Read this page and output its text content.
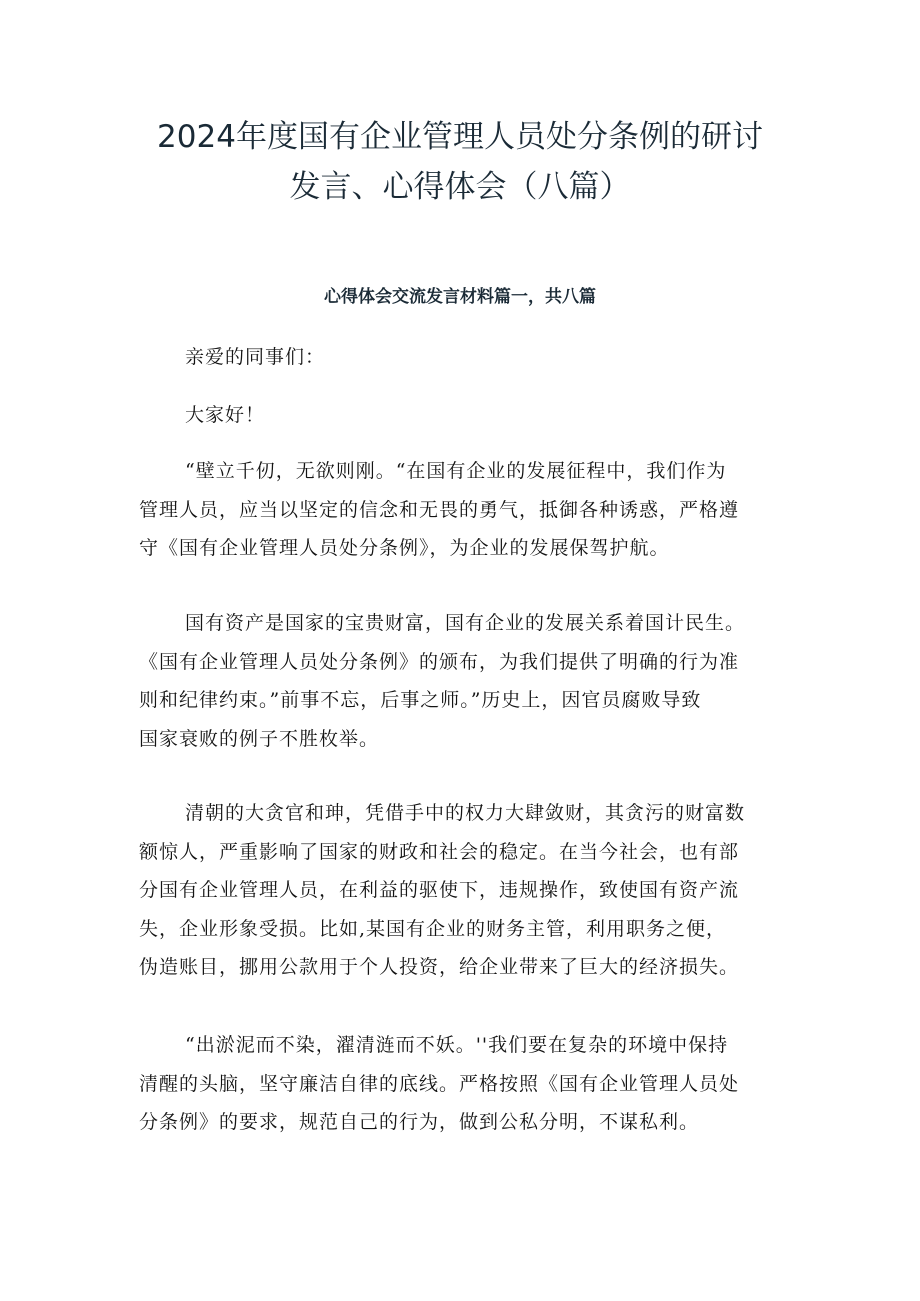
2024年度国有企业管理人员处分条例的研讨
发言、心得体会（八篇）
心得体会交流发言材料篇一，共八篇

亲爱的同事们：

大家好！

“壁立千仞，无欲则刚。“在国有企业的发展征程中，我们作为
管理人员，应当以坚定的信念和无畏的勇气，抵御各种诱惑，严格遵
守《国有企业管理人员处分条例》，为企业的发展保驾护航。

国有资产是国家的宝贵财富，国有企业的发展关系着国计民生。
《国有企业管理人员处分条例》的颁布，为我们提供了明确的行为准
则和纪律约束。”前事不忘，后事之师。”历史上，因官员腐败导致
国家衰败的例子不胜枚举。

清朝的大贪官和珅，凭借手中的权力大肆敛财，其贪污的财富数
额惊人，严重影响了国家的财政和社会的稳定。在当今社会，也有部
分国有企业管理人员，在利益的驱使下，违规操作，致使国有资产流
失，企业形象受损。比如,某国有企业的财务主管，利用职务之便，
伪造账目，挪用公款用于个人投资，给企业带来了巨大的经济损失。

“出淤泥而不染，濯清涟而不妖。''我们要在复杂的环境中保持
清醒的头脑，坚守廉洁自律的底线。严格按照《国有企业管理人员处
分条例》的要求，规范自己的行为，做到公私分明，不谋私利。
